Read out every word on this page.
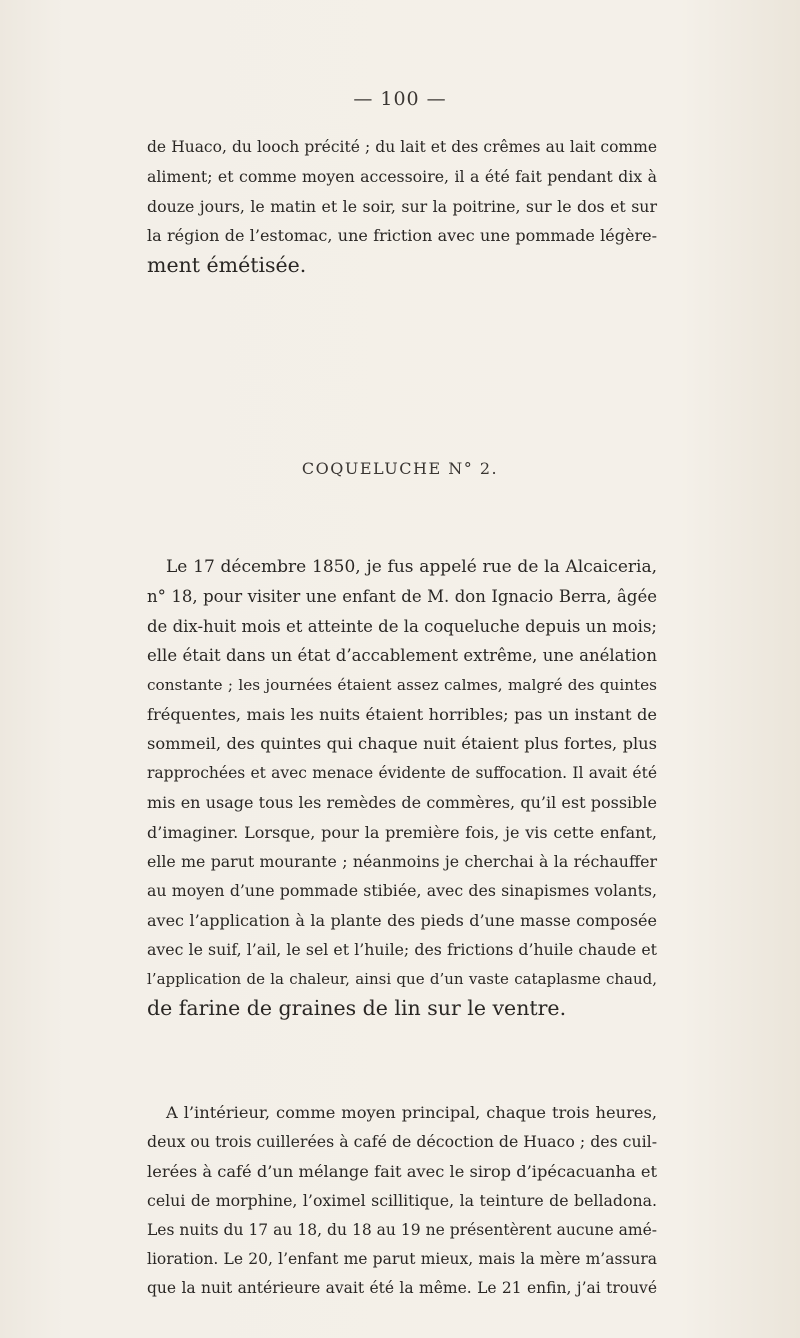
— 100 —

de Huaco, du looch précité ; du lait et des crêmes au lait comme
aliment; et comme moyen accessoire, il a été fait pendant dix à
douze jours, le matin et le soir, sur la poitrine, sur le dos et sur
la région de l’estomac, une friction avec une pommade légère-
ment émétisée.

COQUELUCHE N° 2.

Le 17 décembre 1850, je fus appelé rue de la Alcaiceria,
n° 18, pour visiter une enfant de M. don Ignacio Berra, âgée
de dix-huit mois et atteinte de la coqueluche depuis un mois;
elle était dans un état d’accablement extrême, une anélation
constante ; les journées étaient assez calmes, malgré des quintes
fréquentes, mais les nuits étaient horribles; pas un instant de
sommeil, des quintes qui chaque nuit étaient plus fortes, plus
rapprochées et avec menace évidente de suffocation. Il avait été
mis en usage tous les remèdes de commères, qu’il est possible
d’imaginer. Lorsque, pour la première fois, je vis cette enfant,
elle me parut mourante ; néanmoins je cherchai à la réchauffer
au moyen d’une pommade stibiée, avec des sinapismes volants,
avec l’application à la plante des pieds d’une masse composée
avec le suif, l’ail, le sel et l’huile; des frictions d’huile chaude et
l’application de la chaleur, ainsi que d’un vaste cataplasme chaud,
de farine de graines de lin sur le ventre.

A l’intérieur, comme moyen principal, chaque trois heures,
deux ou trois cuillerées à café de décoction de Huaco ; des cuil-
lerées à café d’un mélange fait avec le sirop d’ipécacuanha et
celui de morphine, l’oximel scillitique, la teinture de belladona.
Les nuits du 17 au 18, du 18 au 19 ne présentèrent aucune amé-
lioration. Le 20, l’enfant me parut mieux, mais la mère m’assura
que la nuit antérieure avait été la même. Le 21 enfin, j’ai trouvé
